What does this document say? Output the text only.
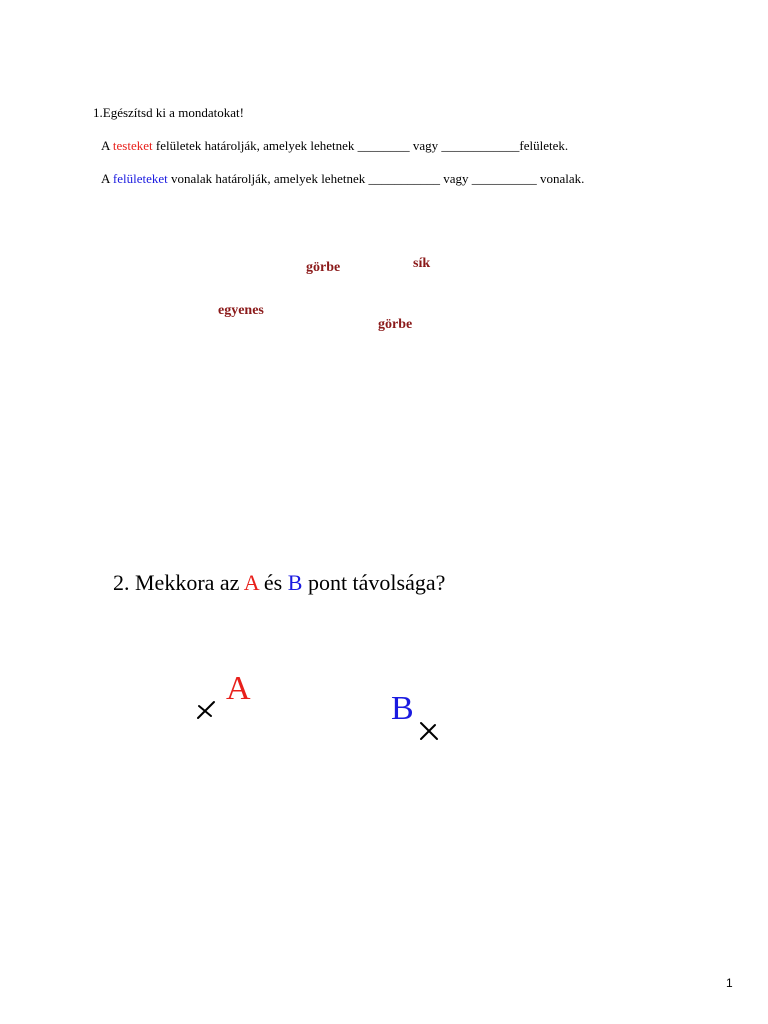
1.Egészítsd ki a mondatokat!
A testeket felületek határolják, amelyek lehetnek ________ vagy ____________felületek.
A felületeket vonalak határolják, amelyek lehetnek ___________ vagy __________ vonalak.
görbe	sík
egyenes
görbe
2. Mekkora az A és B pont távolsága?
A
B
1
